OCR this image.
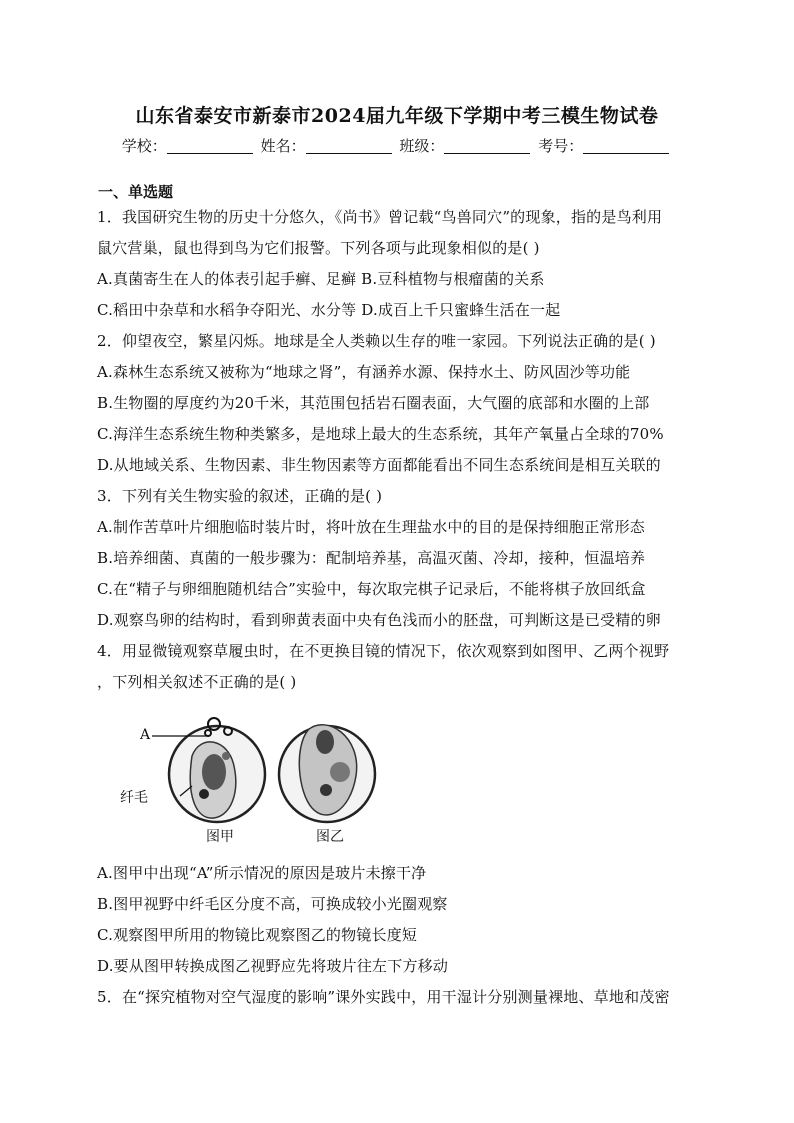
山东省泰安市新泰市2024届九年级下学期中考三模生物试卷
学校：	姓名：	班级：	考号：
一、单选题
1．我国研究生物的历史十分悠久，《尚书》曾记载“鸟兽同穴”的现象，指的是鸟利用
鼠穴营巢，鼠也得到鸟为它们报警。下列各项与此现象相似的是( )
A.真菌寄生在人的体表引起手癣、足癣 B.豆科植物与根瘤菌的关系
C.稻田中杂草和水稻争夺阳光、水分等 D.成百上千只蜜蜂生活在一起
2．仰望夜空，繁星闪烁。地球是全人类赖以生存的唯一家园。下列说法正确的是( )
A.森林生态系统又被称为“地球之肾”，有涵养水源、保持水土、防风固沙等功能
B.生物圈的厚度约为20千米，其范围包括岩石圈表面，大气圈的底部和水圈的上部
C.海洋生态系统生物种类繁多，是地球上最大的生态系统，其年产氧量占全球的70%
D.从地域关系、生物因素、非生物因素等方面都能看出不同生态系统间是相互关联的
3．下列有关生物实验的叙述，正确的是( )
A.制作苦草叶片细胞临时装片时，将叶放在生理盐水中的目的是保持细胞正常形态
B.培养细菌、真菌的一般步骤为：配制培养基，高温灭菌、冷却，接种，恒温培养
C.在“精子与卵细胞随机结合”实验中，每次取完棋子记录后，不能将棋子放回纸盒
D.观察鸟卵的结构时，看到卵黄表面中央有色浅而小的胚盘，可判断这是已受精的卵
4．用显微镜观察草履虫时，在不更换目镜的情况下，依次观察到如图甲、乙两个视野
，下列相关叙述不正确的是( )
A
纤毛
图甲	图乙
A.图甲中出现“A”所示情况的原因是玻片未擦干净
B.图甲视野中纤毛区分度不高，可换成较小光圈观察
C.观察图甲所用的物镜比观察图乙的物镜长度短
D.要从图甲转换成图乙视野应先将玻片往左下方移动
5．在“探究植物对空气湿度的影响”课外实践中，用干湿计分别测量裸地、草地和茂密
